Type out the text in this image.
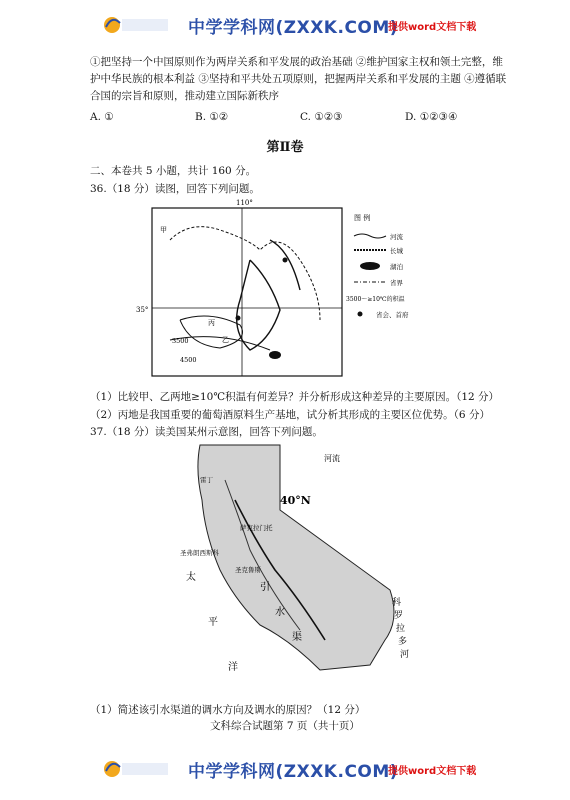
中学学科网(ZXXK.COM)
提供word文档下载
①把坚持一个中国原则作为两岸关系和平发展的政治基础 ②维护国家主权和领土完整，维护中华民族的根本利益 ③坚持和平共处五项原则，把握两岸关系和平发展的主题 ④遵循联合国的宗旨和原则，推动建立国际新秩序
A. ①	B. ①②	C. ①②③	D. ①②③④
第Ⅱ卷
二、本卷共 5 小题，共计 160 分。
36.（18 分）读图，回答下列问题。
110°
35°
甲
丙
乙
3500
4500
图 例
河流
长城
湖泊
省界
3500～≥10℃的积温
省会、首府
（1）比较甲、乙两地≥10℃积温有何差异？并分析形成这种差异的主要原因。（12 分）
（2）丙地是我国重要的葡萄酒原料生产基地，试分析其形成的主要区位优势。（6 分）
37.（18 分）读美国某州示意图，回答下列问题。
雷丁
萨克拉门托
圣克鲁斯
圣弗朗西斯科
40°N
河流
太
平
洋
引
水
渠
科
罗
拉
多
河
（1）简述该引水渠道的调水方向及调水的原因？（12 分）
文科综合试题第 7 页（共十页）
中学学科网(ZXXK.COM)
提供word文档下载
